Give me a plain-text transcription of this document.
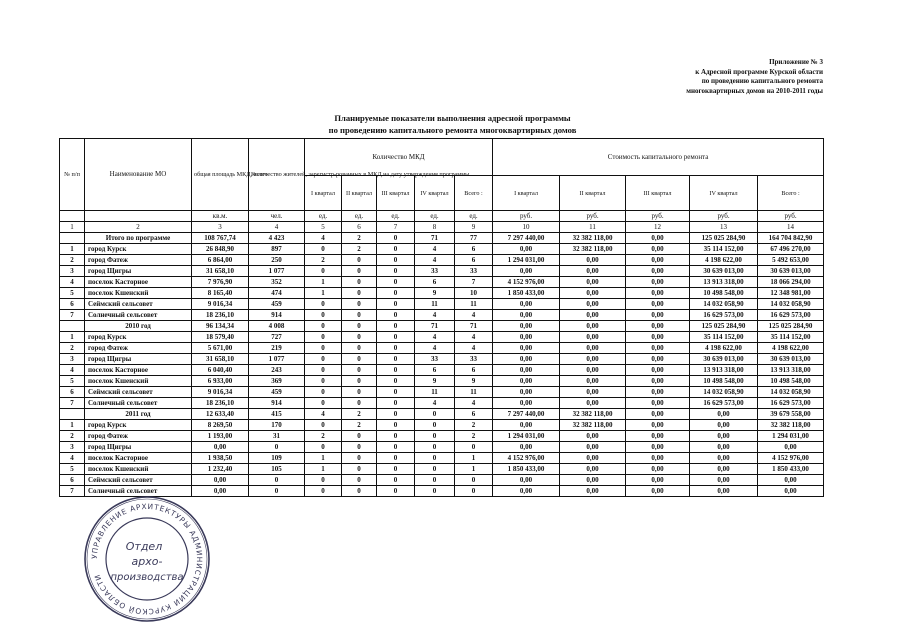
Приложение № 3
к Адресной программе Курской области
по проведению капитального ремонта
многоквартирных домов на 2010-2011 годы
Планируемые показатели выполнения адресной программы
по проведению капитального ремонта многоквартирных домов
№ п/п	Наименование МО	общая площадь МКД, всего	Количество жителей, зарегистр-рованных в МКД на дату утверждения программы	Количество МКД					Стоимость капитального ремонта				
				I квартал	II квартал	III квартал	IV квартал	Всего :	I квартал	II квартал	III квартал	IV квартал	Всего :
		кв.м.	чел.	ед.	ед.	ед.	ед.	ед.	руб.	руб.	руб.	руб.	руб.
1	2	3	4	5	6	7	8	9	10	11	12	13	14
	Итого по программе	108 767,74	4 423	4	2	0	71	77	7 297 440,00	32 382 118,00	0,00	125 025 284,90	164 704 842,90
1	город Курск	26 848,90	897	0	2	0	4	6	0,00	32 382 118,00	0,00	35 114 152,00	67 496 270,00
2	город Фатеж	6 864,00	250	2	0	0	4	6	1 294 031,00	0,00	0,00	4 198 622,00	5 492 653,00
3	город Щигры	31 658,10	1 077	0	0	0	33	33	0,00	0,00	0,00	30 639 013,00	30 639 013,00
4	поселок Касторное	7 976,90	352	1	0	0	6	7	4 152 976,00	0,00	0,00	13 913 318,00	18 066 294,00
5	поселок Кшенский	8 165,40	474	1	0	0	9	10	1 850 433,00	0,00	0,00	10 498 548,00	12 348 981,00
6	Сеймский сельсовет	9 016,34	459	0	0	0	11	11	0,00	0,00	0,00	14 032 058,90	14 032 058,90
7	Солнечный сельсовет	18 236,10	914	0	0	0	4	4	0,00	0,00	0,00	16 629 573,00	16 629 573,00
	2010 год	96 134,34	4 008	0	0	0	71	71	0,00	0,00	0,00	125 025 284,90	125 025 284,90
1	город Курск	18 579,40	727	0	0	0	4	4	0,00	0,00	0,00	35 114 152,00	35 114 152,00
2	город Фатеж	5 671,00	219	0	0	0	4	4	0,00	0,00	0,00	4 198 622,00	4 198 622,00
3	город Щигры	31 658,10	1 077	0	0	0	33	33	0,00	0,00	0,00	30 639 013,00	30 639 013,00
4	поселок Касторное	6 040,40	243	0	0	0	6	6	0,00	0,00	0,00	13 913 318,00	13 913 318,00
5	поселок Кшенский	6 933,00	369	0	0	0	9	9	0,00	0,00	0,00	10 498 548,00	10 498 548,00
6	Сеймский сельсовет	9 016,34	459	0	0	0	11	11	0,00	0,00	0,00	14 032 058,90	14 032 058,90
7	Солнечный сельсовет	18 236,10	914	0	0	0	4	4	0,00	0,00	0,00	16 629 573,00	16 629 573,00
	2011 год	12 633,40	415	4	2	0	0	6	7 297 440,00	32 382 118,00	0,00	0,00	39 679 558,00
1	город Курск	8 269,50	170	0	2	0	0	2	0,00	32 382 118,00	0,00	0,00	32 382 118,00
2	город Фатеж	1 193,00	31	2	0	0	0	2	1 294 031,00	0,00	0,00	0,00	1 294 031,00
3	город Щигры	0,00	0	0	0	0	0	0	0,00	0,00	0,00	0,00	0,00
4	поселок Касторное	1 938,50	109	1	0	0	0	1	4 152 976,00	0,00	0,00	0,00	4 152 976,00
5	поселок Кшенский	1 232,40	105	1	0	0	0	1	1 850 433,00	0,00	0,00	0,00	1 850 433,00
6	Сеймский сельсовет	0,00	0	0	0	0	0	0	0,00	0,00	0,00	0,00	0,00
7	Солнечный сельсовет	0,00	0	0	0	0	0	0	0,00	0,00	0,00	0,00	0,00
УПРАВЛЕНИЕ АРХИТЕКТУРЫ АДМИНИСТРАЦИИ КУРСКОЙ ОБЛАСТИ
Отдел
архо-
производства
